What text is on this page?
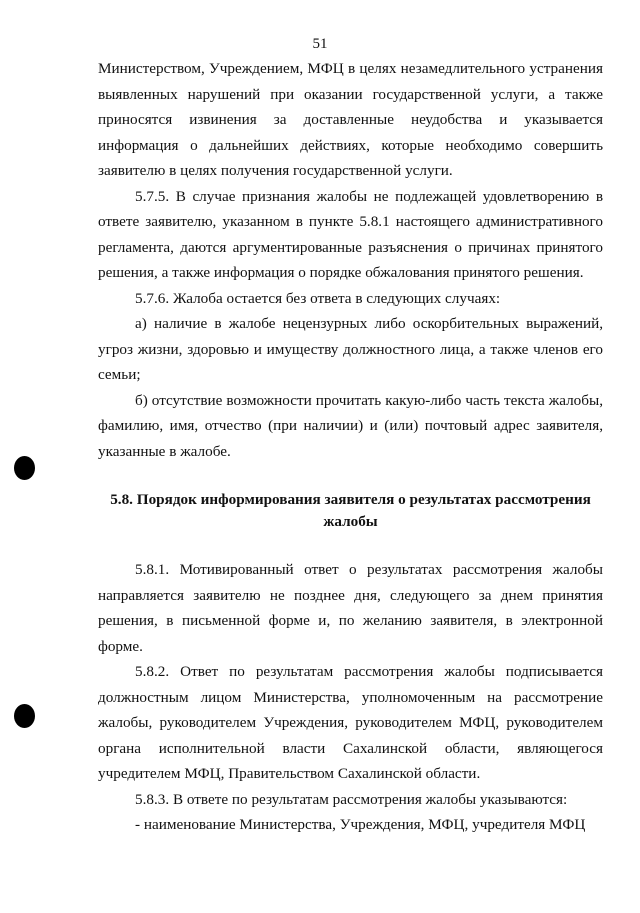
51

Министерством, Учреждением, МФЦ в целях незамедлительного устранения выявленных нарушений при оказании государственной услуги, а также приносятся извинения за доставленные неудобства и указывается информация о дальнейших действиях, которые необходимо совершить заявителю в целях получения государственной услуги.

5.7.5. В случае признания жалобы не подлежащей удовлетворению в ответе заявителю, указанном в пункте 5.8.1 настоящего административного регламента, даются аргументированные разъяснения о причинах принятого решения, а также информация о порядке обжалования принятого решения.

5.7.6. Жалоба остается без ответа в следующих случаях:

а) наличие в жалобе нецензурных либо оскорбительных выражений, угроз жизни, здоровью и имуществу должностного лица, а также членов его семьи;

б) отсутствие возможности прочитать какую-либо часть текста жалобы, фамилию, имя, отчество (при наличии) и (или) почтовый адрес заявителя, указанные в жалобе.

5.8. Порядок информирования заявителя о результатах рассмотрения жалобы

5.8.1. Мотивированный ответ о результатах рассмотрения жалобы направляется заявителю не позднее дня, следующего за днем принятия решения, в письменной форме и, по желанию заявителя, в электронной форме.

5.8.2. Ответ по результатам рассмотрения жалобы подписывается должностным лицом Министерства, уполномоченным на рассмотрение жалобы, руководителем Учреждения, руководителем МФЦ, руководителем органа исполнительной власти Сахалинской области, являющегося учредителем МФЦ, Правительством Сахалинской области.

5.8.3. В ответе по результатам рассмотрения жалобы указываются:

- наименование Министерства, Учреждения, МФЦ, учредителя МФЦ
